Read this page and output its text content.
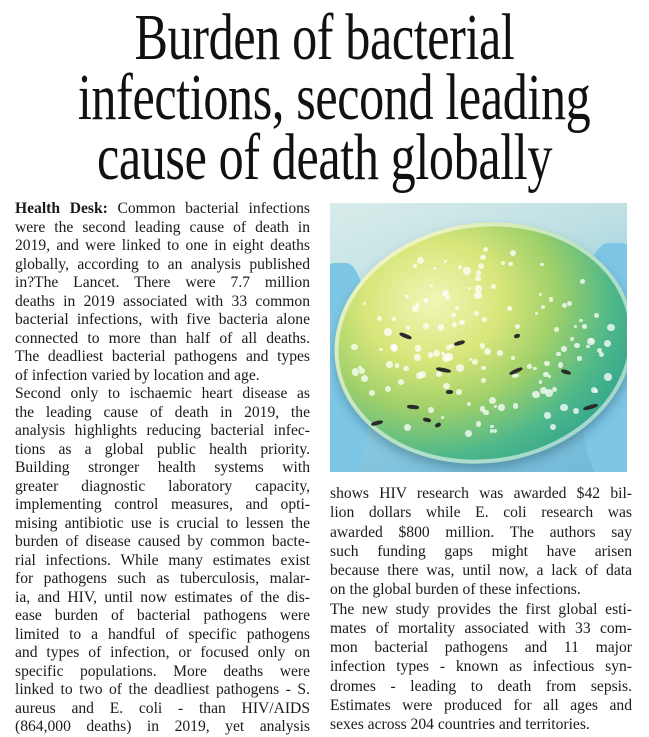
Burden of bacterial
infections, second leading
cause of death globally
Health Desk: Common bacterial infections
were the second leading cause of death in
2019, and were linked to one in eight deaths
globally, according to an analysis published
in?The Lancet. There were 7.7 million
deaths in 2019 associated with 33 common
bacterial infections, with five bacteria alone
connected to more than half of all deaths.
The deadliest bacterial pathogens and types
of infection varied by location and age.
Second only to ischaemic heart disease as
the leading cause of death in 2019, the
analysis highlights reducing bacterial infec-
tions as a global public health priority.
Building stronger health systems with
greater diagnostic laboratory capacity,
implementing control measures, and opti-
mising antibiotic use is crucial to lessen the
burden of disease caused by common bacte-
rial infections. While many estimates exist
for pathogens such as tuberculosis, malar-
ia, and HIV, until now estimates of the dis-
ease burden of bacterial pathogens were
limited to a handful of specific pathogens
and types of infection, or focused only on
specific populations. More deaths were
linked to two of the deadliest pathogens - S.
aureus and E. coli - than HIV/AIDS
(864,000 deaths) in 2019, yet analysis
shows HIV research was awarded $42 bil-
lion dollars while E. coli research was
awarded $800 million. The authors say
such funding gaps might have arisen
because there was, until now, a lack of data
on the global burden of these infections.
The new study provides the first global esti-
mates of mortality associated with 33 com-
mon bacterial pathogens and 11 major
infection types - known as infectious syn-
dromes - leading to death from sepsis.
Estimates were produced for all ages and
sexes across 204 countries and territories.
